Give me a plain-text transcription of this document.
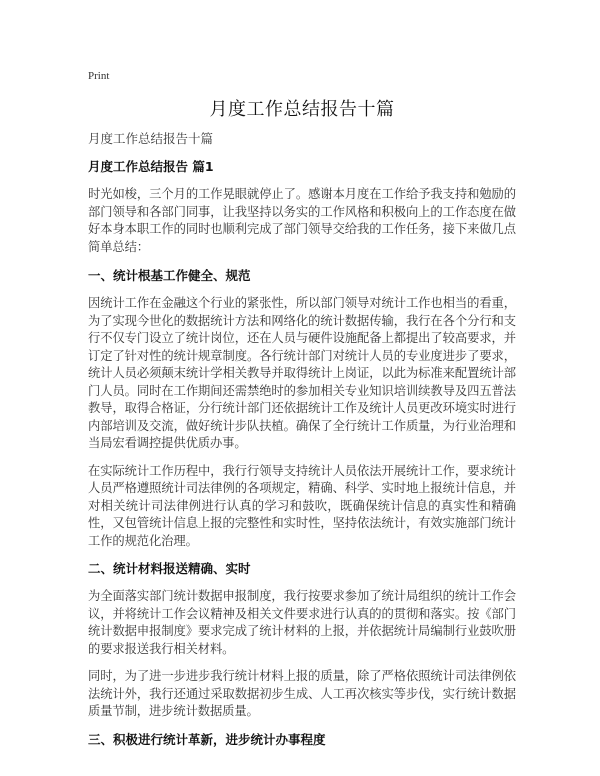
Print
月度工作总结报告十篇
月度工作总结报告十篇
月度工作总结报告 篇1

时光如梭，三个月的工作晃眼就停止了。感谢本月度在工作给予我支持和勉励的部门领导和各部门同事，让我坚持以务实的工作风格和积极向上的工作态度在做好本身本职工作的同时也顺利完成了部门领导交给我的工作任务，接下来做几点简单总结：

一、统计根基工作健全、规范

因统计工作在金融这个行业的紧张性，所以部门领导对统计工作也相当的看重，为了实现今世化的数据统计方法和网络化的统计数据传输，我行在各个分行和支行不仅专门设立了统计岗位，还在人员与硬件设施配备上都提出了较高要求，并订定了针对性的统计规章制度。各行统计部门对统计人员的专业度进步了要求，统计人员必须颠末统计学相关教导并取得统计上岗证，以此为标准来配置统计部门人员。同时在工作期间还需禁绝时的参加相关专业知识培训续教导及四五普法教导，取得合格证，分行统计部门还依据统计工作及统计人员更改环境实时进行内部培训及交流，做好统计步队扶植。确保了全行统计工作质量，为行业治理和当局宏看调控提供优质办事。

在实际统计工作历程中，我行行领导支持统计人员依法开展统计工作，要求统计人员严格遵照统计司法律例的各项规定，精确、科学、实时地上报统计信息，并对相关统计司法律例进行认真的学习和鼓吹，既确保统计信息的真实性和精确性，又包管统计信息上报的完整性和实时性，坚持依法统计，有效实施部门统计工作的规范化治理。

二、统计材料报送精确、实时

为全面落实部门统计数据申报制度，我行按要求参加了统计局组织的统计工作会议，并将统计工作会议精神及相关文件要求进行认真的的贯彻和落实。按《部门统计数据申报制度》要求完成了统计材料的上报，并依据统计局编制行业鼓吹册的要求报送我行相关材料。

同时，为了进一步进步我行统计材料上报的质量，除了严格依照统计司法律例依法统计外，我行还通过采取数据初步生成、人工再次核实等步伐，实行统计数据质量节制，进步统计数据质量。

三、积极进行统计革新，进步统计办事程度
